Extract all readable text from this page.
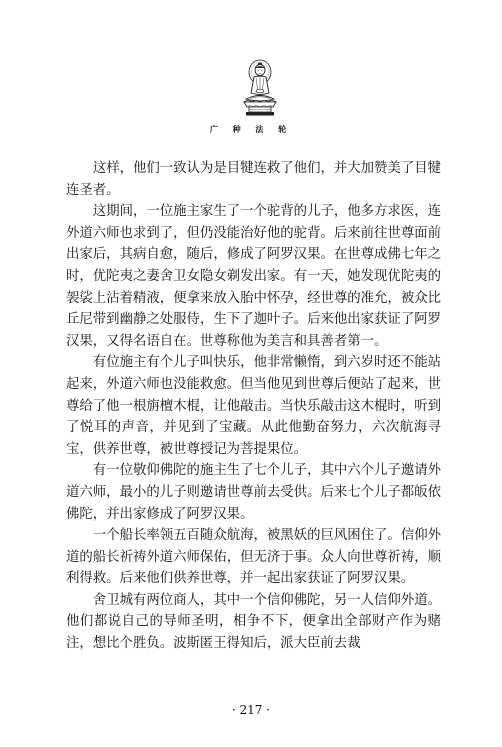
广 种 法 轮

这样，他们一致认为是目犍连救了他们，并大加赞美了目犍连圣者。

这期间，一位施主家生了一个驼背的儿子，他多方求医，连外道六师也求到了，但仍没能治好他的驼背。后来前往世尊面前出家后，其病自愈，随后，修成了阿罗汉果。在世尊成佛七年之时，优陀夷之妻舍卫女隐女剃发出家。有一天，她发现优陀夷的袈裟上沾着精液，便拿来放入胎中怀孕，经世尊的准允，被众比丘尼带到幽静之处服侍，生下了迦叶子。后来他出家获证了阿罗汉果，又得名语自在。世尊称他为美言和具善者第一。

有位施主有个儿子叫快乐，他非常懒惰，到六岁时还不能站起来，外道六师也没能救愈。但当他见到世尊后便站了起来，世尊给了他一根旃檀木棍，让他敲击。当快乐敲击这木棍时，听到了悦耳的声音，并见到了宝藏。从此他勤奋努力，六次航海寻宝，供养世尊，被世尊授记为菩提果位。

有一位敬仰佛陀的施主生了七个儿子，其中六个儿子邀请外道六师，最小的儿子则邀请世尊前去受供。后来七个儿子都皈依佛陀，并出家修成了阿罗汉果。

一个船长率领五百随众航海，被黑妖的巨风困住了。信仰外道的船长祈祷外道六师保佑，但无济于事。众人向世尊祈祷，顺利得救。后来他们供养世尊，并一起出家获证了阿罗汉果。

舍卫城有两位商人，其中一个信仰佛陀，另一人信仰外道。他们都说自己的导师圣明，相争不下，便拿出全部财产作为赌注，想比个胜负。波斯匿王得知后，派大臣前去裁

· 217 ·
